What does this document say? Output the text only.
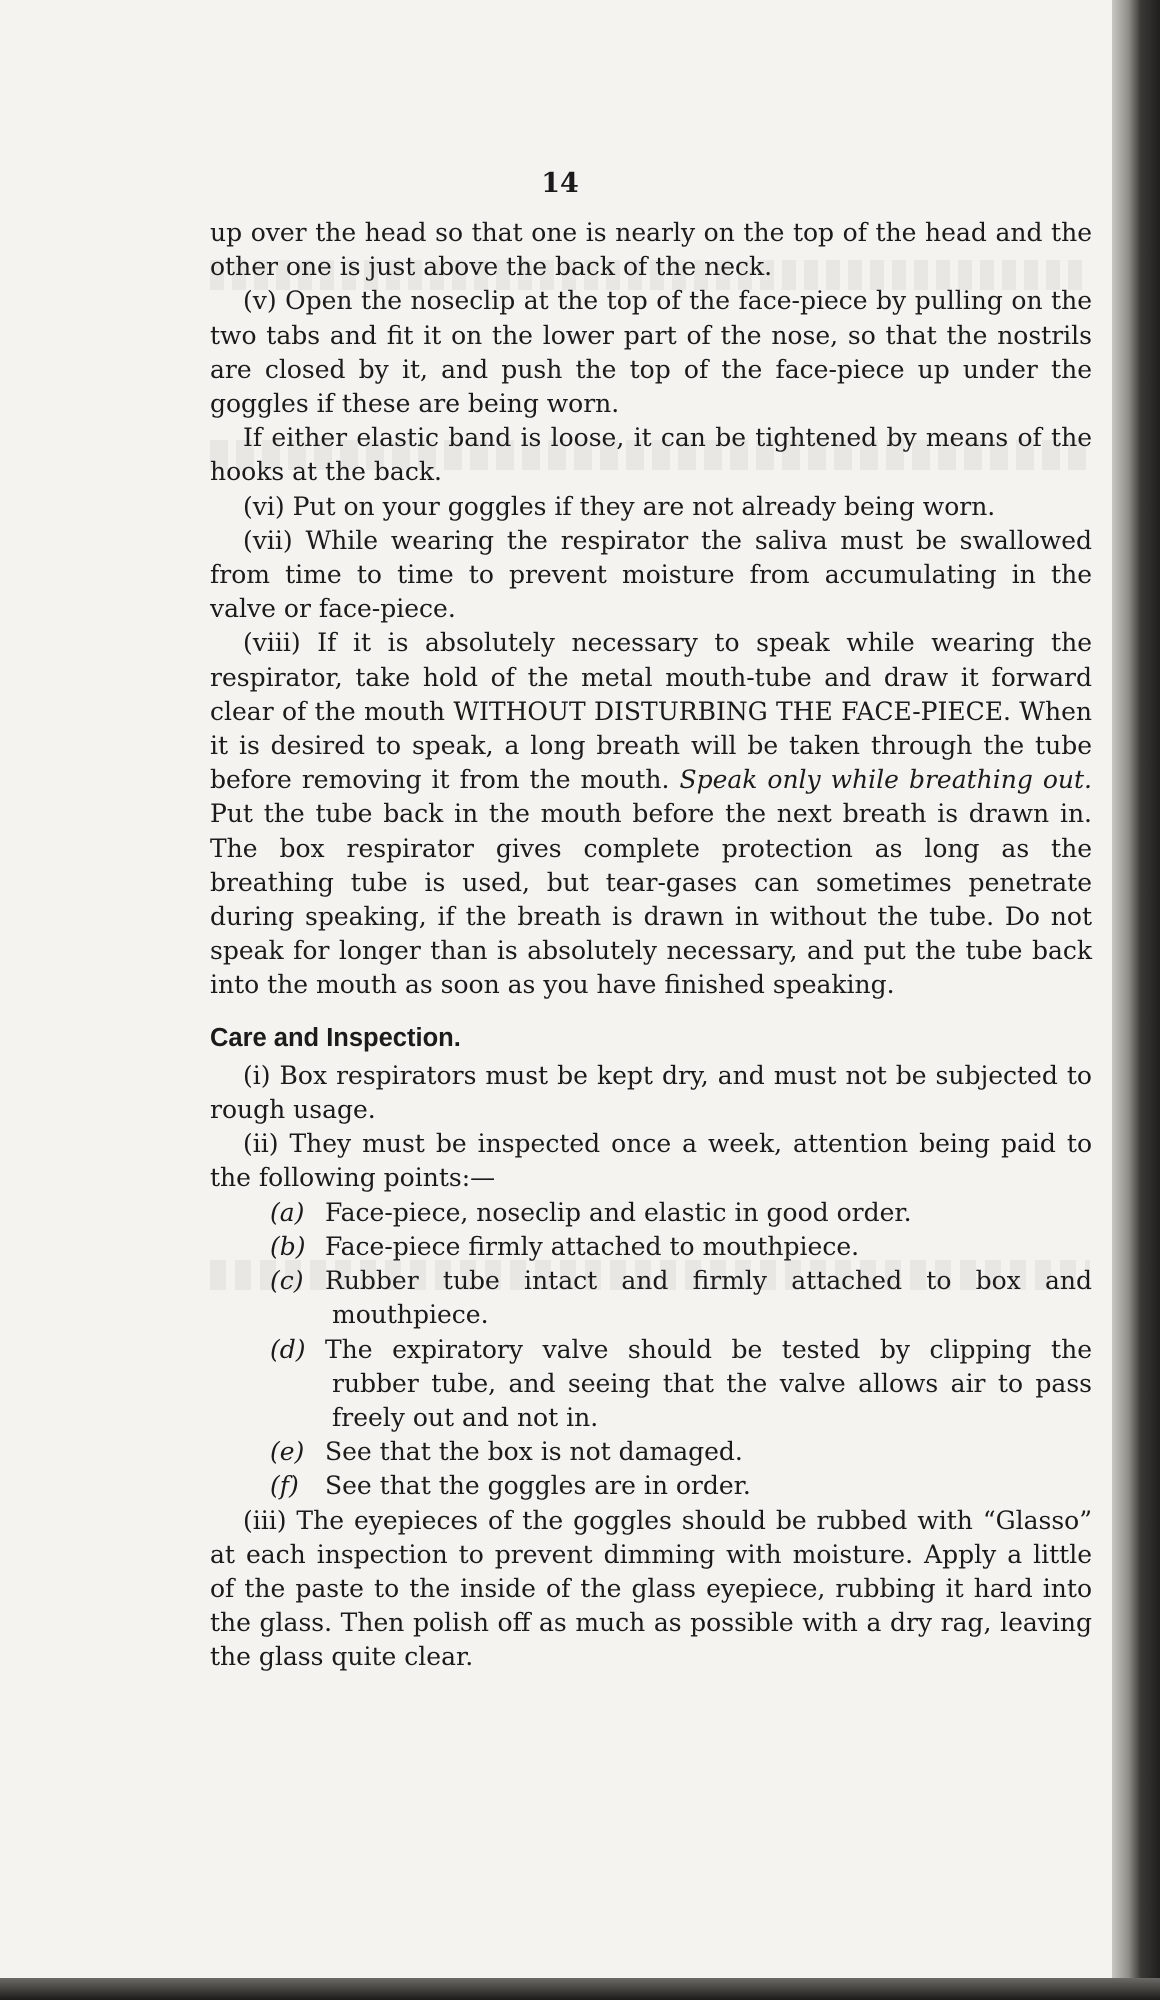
14

up over the head so that one is nearly on the top of the head and the other one is just above the back of the neck.

(v) Open the noseclip at the top of the face-piece by pulling on the two tabs and fit it on the lower part of the nose, so that the nostrils are closed by it, and push the top of the face-piece up under the goggles if these are being worn.

If either elastic band is loose, it can be tightened by means of the hooks at the back.

(vi) Put on your goggles if they are not already being worn.

(vii) While wearing the respirator the saliva must be swallowed from time to time to prevent moisture from accumulating in the valve or face-piece.

(viii) If it is absolutely necessary to speak while wearing the respirator, take hold of the metal mouth-tube and draw it forward clear of the mouth WITHOUT DISTURBING THE FACE-PIECE. When it is desired to speak, a long breath will be taken through the tube before removing it from the mouth. Speak only while breathing out. Put the tube back in the mouth before the next breath is drawn in. The box respirator gives complete protection as long as the breathing tube is used, but tear-gases can sometimes penetrate during speaking, if the breath is drawn in without the tube. Do not speak for longer than is absolutely necessary, and put the tube back into the mouth as soon as you have finished speaking.

Care and Inspection.

(i) Box respirators must be kept dry, and must not be subjected to rough usage.

(ii) They must be inspected once a week, attention being paid to the following points:—

(a) Face-piece, noseclip and elastic in good order.

(b) Face-piece firmly attached to mouthpiece.

(c) Rubber tube intact and firmly attached to box and mouthpiece.

(d) The expiratory valve should be tested by clipping the rubber tube, and seeing that the valve allows air to pass freely out and not in.

(e) See that the box is not damaged.

(f) See that the goggles are in order.

(iii) The eyepieces of the goggles should be rubbed with “Glasso” at each inspection to prevent dimming with moisture. Apply a little of the paste to the inside of the glass eyepiece, rubbing it hard into the glass. Then polish off as much as possible with a dry rag, leaving the glass quite clear.
